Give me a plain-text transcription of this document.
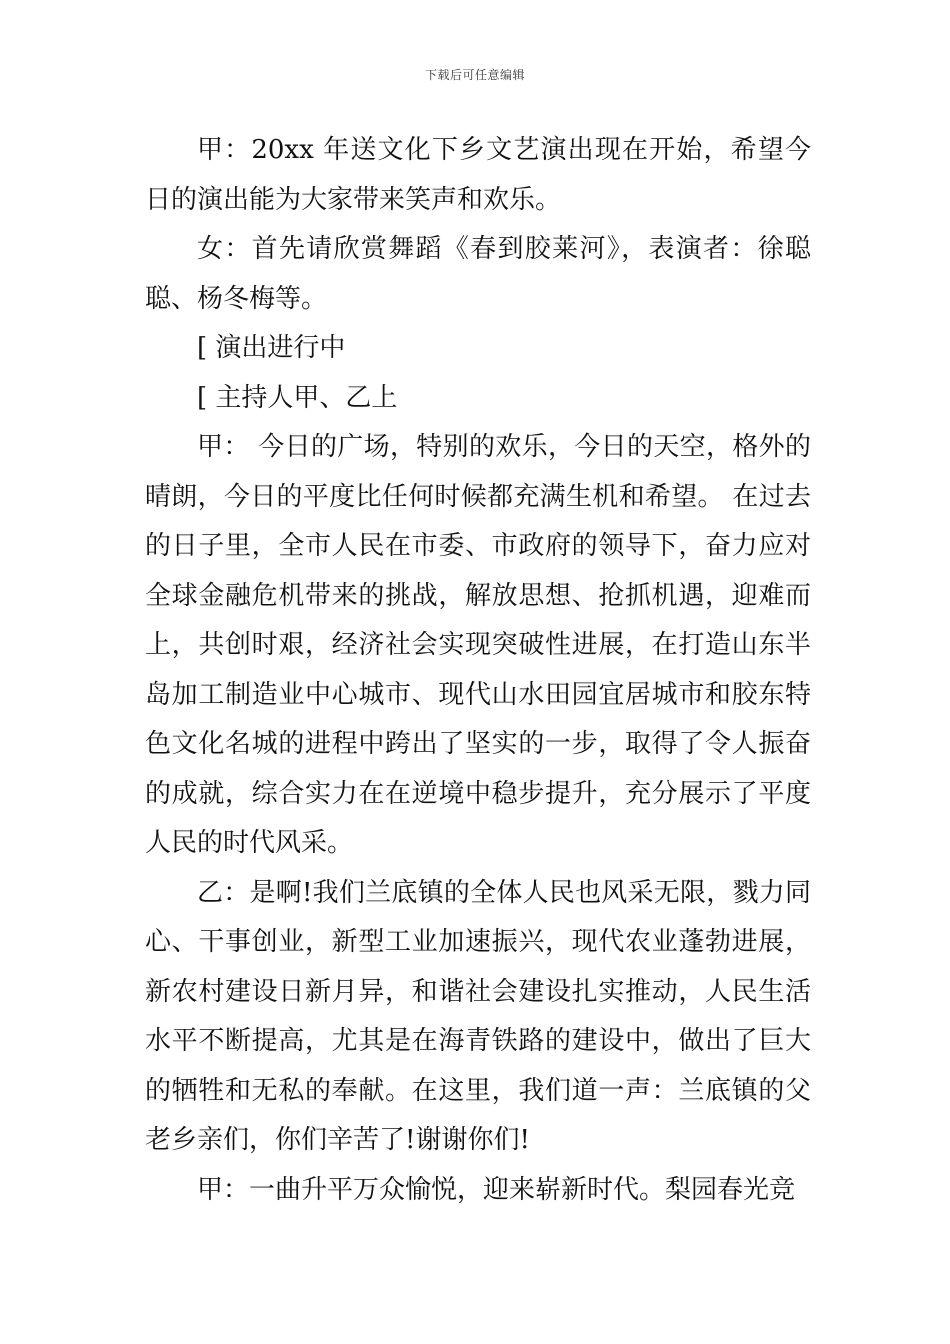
下载后可任意编辑

甲：20xx 年送文化下乡文艺演出现在开始，希望今日的演出能为大家带来笑声和欢乐。

女：首先请欣赏舞蹈《春到胶莱河》，表演者：徐聪聪、杨冬梅等。

[ 演出进行中

[ 主持人甲、乙上

甲： 今日的广场，特别的欢乐，今日的天空，格外的晴朗，今日的平度比任何时候都充满生机和希望。 在过去的日子里，全市人民在市委、市政府的领导下，奋力应对全球金融危机带来的挑战，解放思想、抢抓机遇，迎难而上，共创时艰，经济社会实现突破性进展，在打造山东半岛加工制造业中心城市、现代山水田园宜居城市和胶东特色文化名城的进程中跨出了坚实的一步，取得了令人振奋的成就，综合实力在在逆境中稳步提升，充分展示了平度人民的时代风采。

乙：是啊!我们兰底镇的全体人民也风采无限，戮力同心、干事创业，新型工业加速振兴，现代农业蓬勃进展，新农村建设日新月异，和谐社会建设扎实推动，人民生活水平不断提高，尤其是在海青铁路的建设中，做出了巨大的牺牲和无私的奉献。在这里，我们道一声：兰底镇的父老乡亲们，你们辛苦了!谢谢你们!

甲：一曲升平万众愉悦，迎来崭新时代。梨园春光竞
